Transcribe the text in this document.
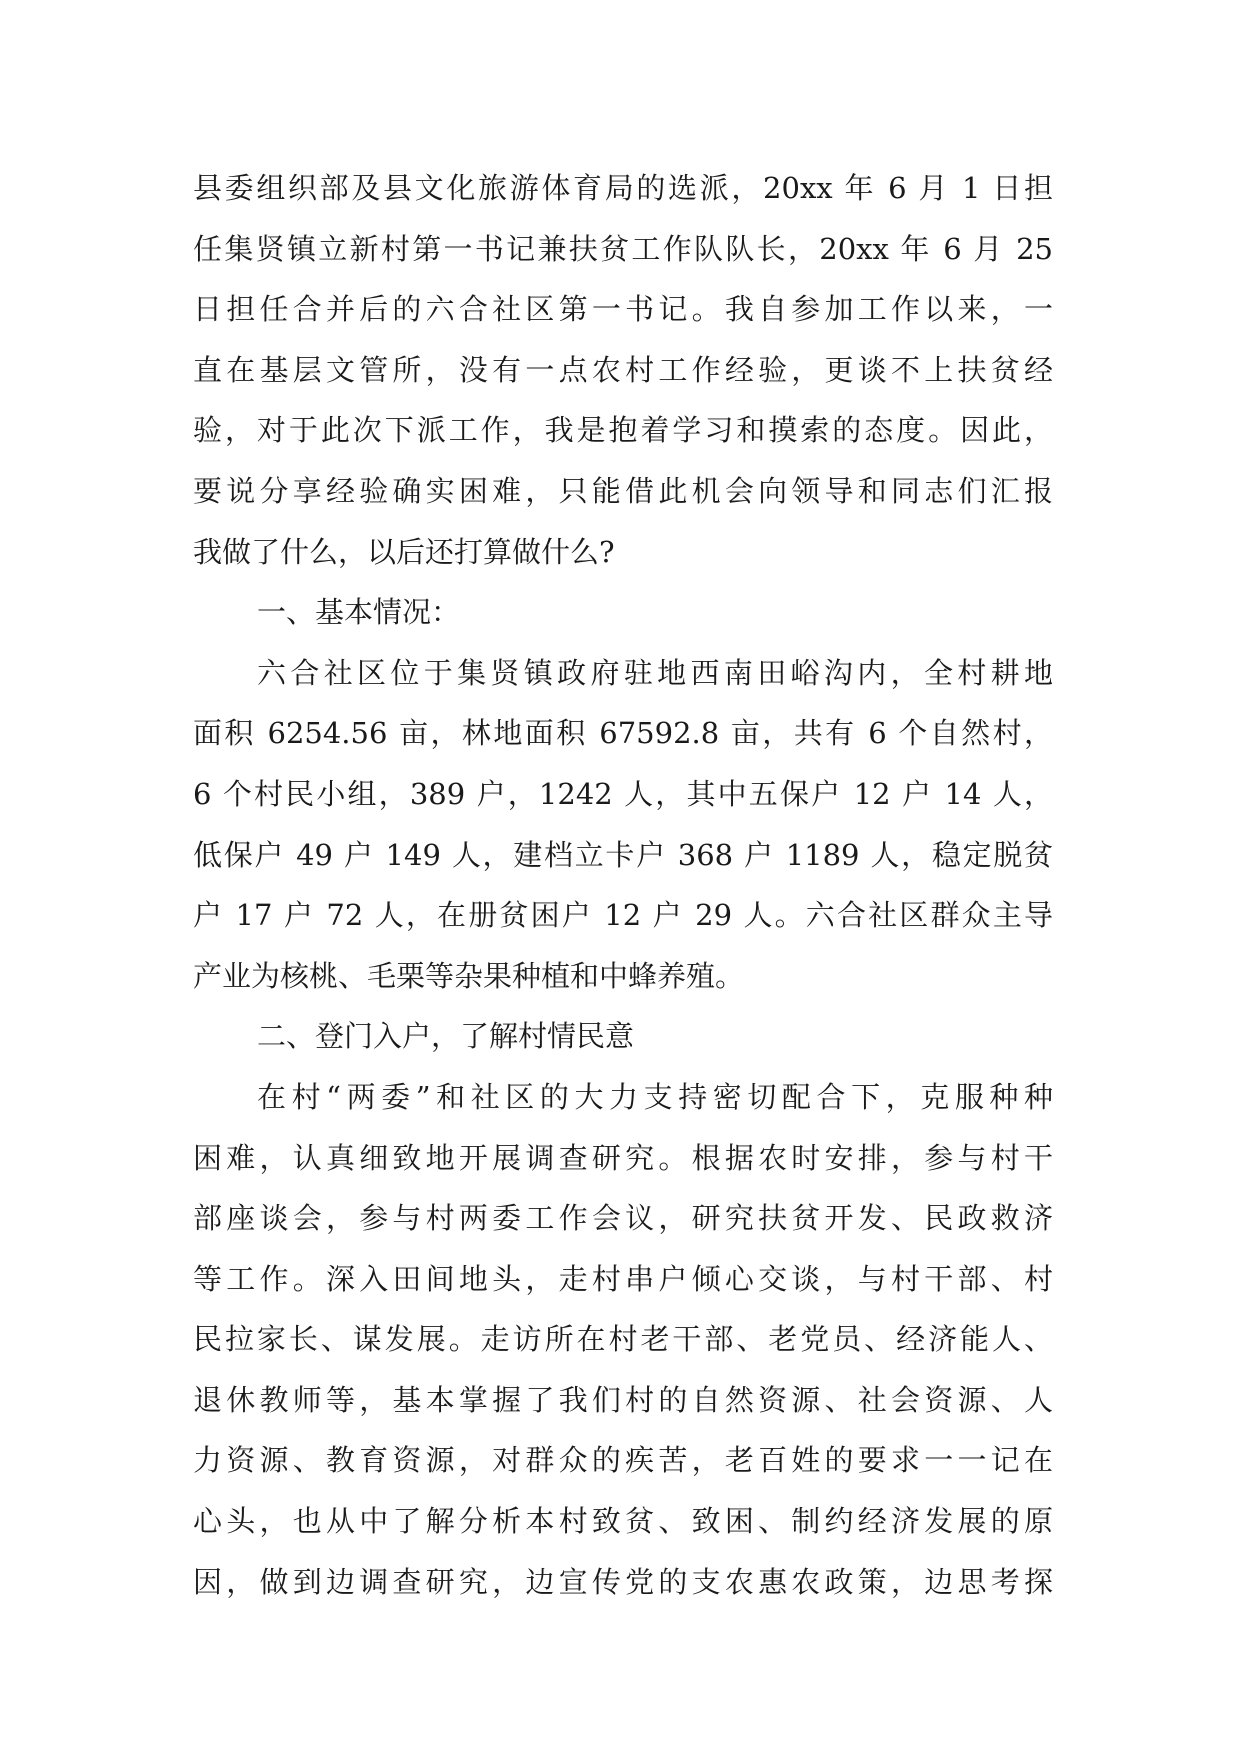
县委组织部及县文化旅游体育局的选派，20xx 年 6 月 1 日担
任集贤镇立新村第一书记兼扶贫工作队队长，20xx 年 6 月 25
日担任合并后的六合社区第一书记。我自参加工作以来，一
直在基层文管所，没有一点农村工作经验，更谈不上扶贫经
验，对于此次下派工作，我是抱着学习和摸索的态度。因此，
要说分享经验确实困难，只能借此机会向领导和同志们汇报
我做了什么，以后还打算做什么?
一、基本情况：
六合社区位于集贤镇政府驻地西南田峪沟内，全村耕地
面积 6254.56 亩，林地面积 67592.8 亩，共有 6 个自然村，
6 个村民小组，389 户，1242 人，其中五保户 12 户 14 人，
低保户 49 户 149 人，建档立卡户 368 户 1189 人，稳定脱贫
户 17 户 72 人，在册贫困户 12 户 29 人。六合社区群众主导
产业为核桃、毛栗等杂果种植和中蜂养殖。
二、登门入户，了解村情民意
在村“两委”和社区的大力支持密切配合下，克服种种
困难，认真细致地开展调查研究。根据农时安排，参与村干
部座谈会，参与村两委工作会议，研究扶贫开发、民政救济
等工作。深入田间地头，走村串户倾心交谈，与村干部、村
民拉家长、谋发展。走访所在村老干部、老党员、经济能人、
退休教师等，基本掌握了我们村的自然资源、社会资源、人
力资源、教育资源，对群众的疾苦，老百姓的要求一一记在
心头，也从中了解分析本村致贫、致困、制约经济发展的原
因，做到边调查研究，边宣传党的支农惠农政策，边思考探
